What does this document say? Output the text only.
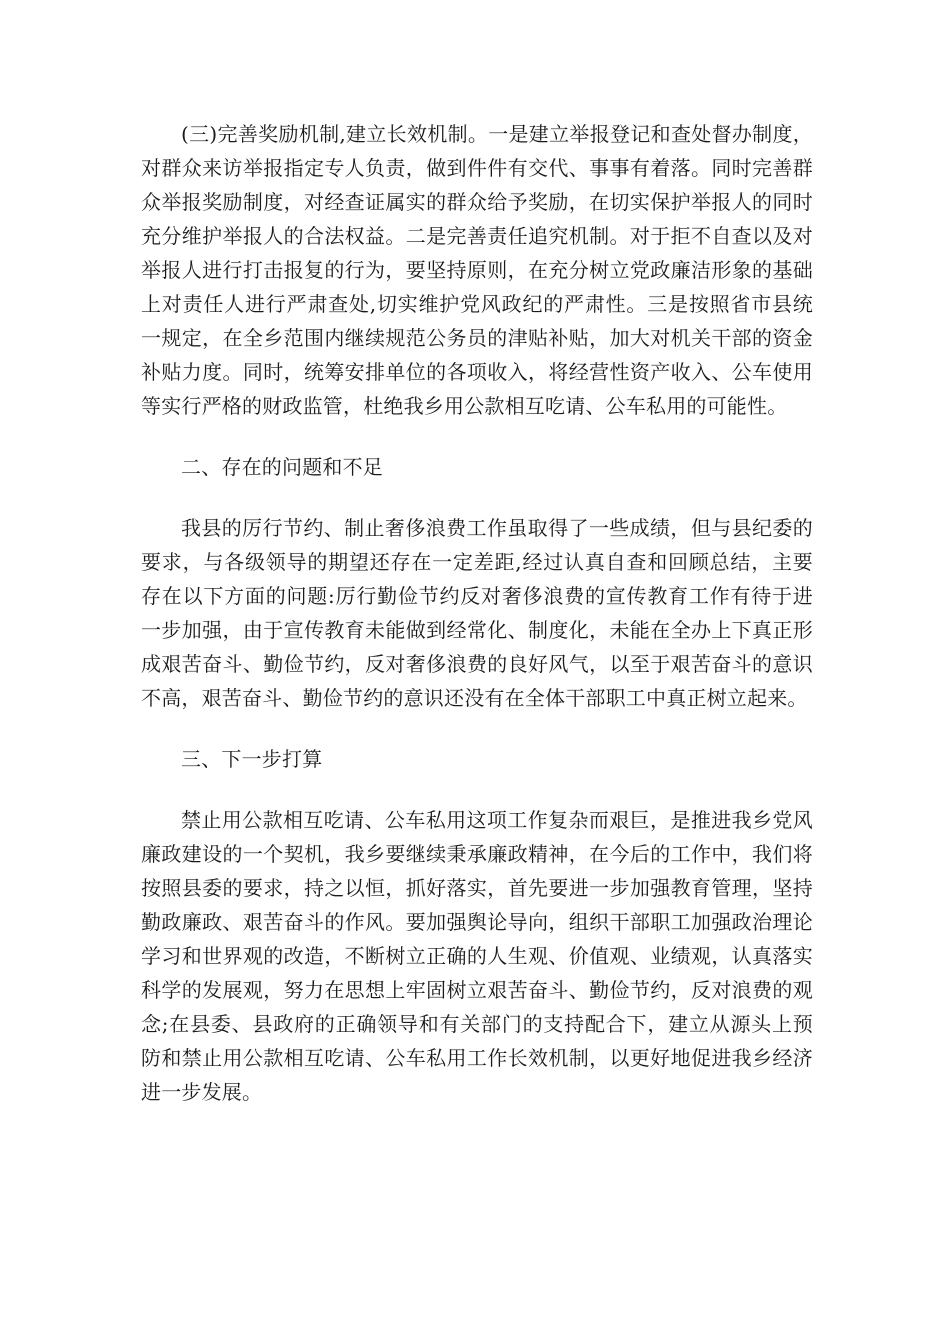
(三)完善奖励机制,建立长效机制。一是建立举报登记和查处督办制度，对群众来访举报指定专人负责，做到件件有交代、事事有着落。同时完善群众举报奖励制度，对经查证属实的群众给予奖励，在切实保护举报人的同时充分维护举报人的合法权益。二是完善责任追究机制。对于拒不自查以及对举报人进行打击报复的行为，要坚持原则，在充分树立党政廉洁形象的基础上对责任人进行严肃查处,切实维护党风政纪的严肃性。三是按照省市县统一规定，在全乡范围内继续规范公务员的津贴补贴，加大对机关干部的资金补贴力度。同时，统筹安排单位的各项收入，将经营性资产收入、公车使用等实行严格的财政监管，杜绝我乡用公款相互吃请、公车私用的可能性。

二、存在的问题和不足

我县的厉行节约、制止奢侈浪费工作虽取得了一些成绩，但与县纪委的要求，与各级领导的期望还存在一定差距,经过认真自查和回顾总结，主要存在以下方面的问题:厉行勤俭节约反对奢侈浪费的宣传教育工作有待于进一步加强，由于宣传教育未能做到经常化、制度化，未能在全办上下真正形成艰苦奋斗、勤俭节约，反对奢侈浪费的良好风气，以至于艰苦奋斗的意识不高，艰苦奋斗、勤俭节约的意识还没有在全体干部职工中真正树立起来。

三、下一步打算

禁止用公款相互吃请、公车私用这项工作复杂而艰巨，是推进我乡党风廉政建设的一个契机，我乡要继续秉承廉政精神，在今后的工作中，我们将按照县委的要求，持之以恒，抓好落实，首先要进一步加强教育管理，坚持勤政廉政、艰苦奋斗的作风。要加强舆论导向，组织干部职工加强政治理论学习和世界观的改造，不断树立正确的人生观、价值观、业绩观，认真落实科学的发展观，努力在思想上牢固树立艰苦奋斗、勤俭节约，反对浪费的观念;在县委、县政府的正确领导和有关部门的支持配合下，建立从源头上预防和禁止用公款相互吃请、公车私用工作长效机制，以更好地促进我乡经济进一步发展。
